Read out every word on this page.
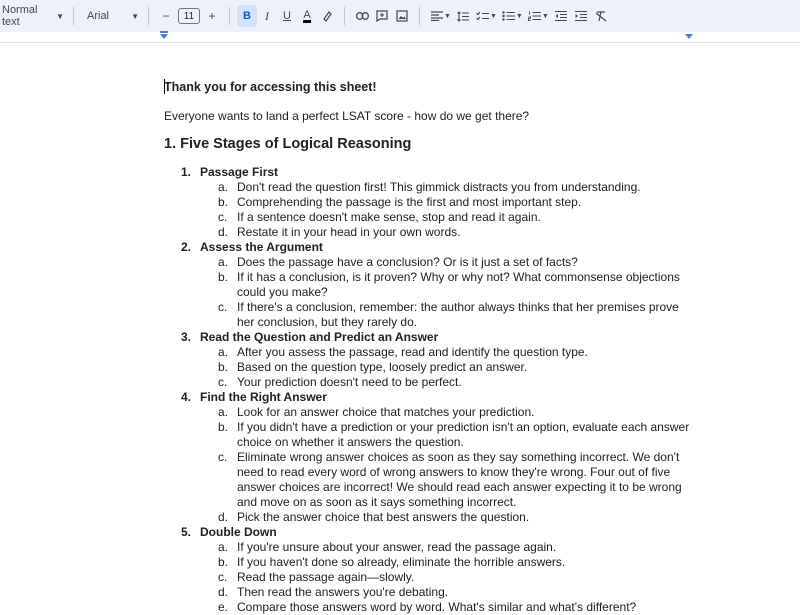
Normal text	▼ Arial	▼	−	11	+	B I U A	▼	▼	▼	▼
Thank you for accessing this sheet!
Everyone wants to land a perfect LSAT score - how do we get there?
1. Five Stages of Logical Reasoning
1. Passage First
a. Don't read the question first! This gimmick distracts you from understanding.
b. Comprehending the passage is the first and most important step.
c. If a sentence doesn't make sense, stop and read it again.
d. Restate it in your head in your own words.
2. Assess the Argument
a. Does the passage have a conclusion? Or is it just a set of facts?
b. If it has a conclusion, is it proven? Why or why not? What commonsense objections could you make?
c. If there's a conclusion, remember: the author always thinks that her premises prove her conclusion, but they rarely do.
3. Read the Question and Predict an Answer
a. After you assess the passage, read and identify the question type.
b. Based on the question type, loosely predict an answer.
c. Your prediction doesn't need to be perfect.
4. Find the Right Answer
a. Look for an answer choice that matches your prediction.
b. If you didn't have a prediction or your prediction isn't an option, evaluate each answer choice on whether it answers the question.
c. Eliminate wrong answer choices as soon as they say something incorrect. We don't need to read every word of wrong answers to know they're wrong. Four out of five answer choices are incorrect! We should read each answer expecting it to be wrong and move on as soon as it says something incorrect.
d. Pick the answer choice that best answers the question.
5. Double Down
a. If you're unsure about your answer, read the passage again.
b. If you haven't done so already, eliminate the horrible answers.
c. Read the passage again—slowly.
d. Then read the answers you're debating.
e. Compare those answers word by word. What's similar and what's different?
